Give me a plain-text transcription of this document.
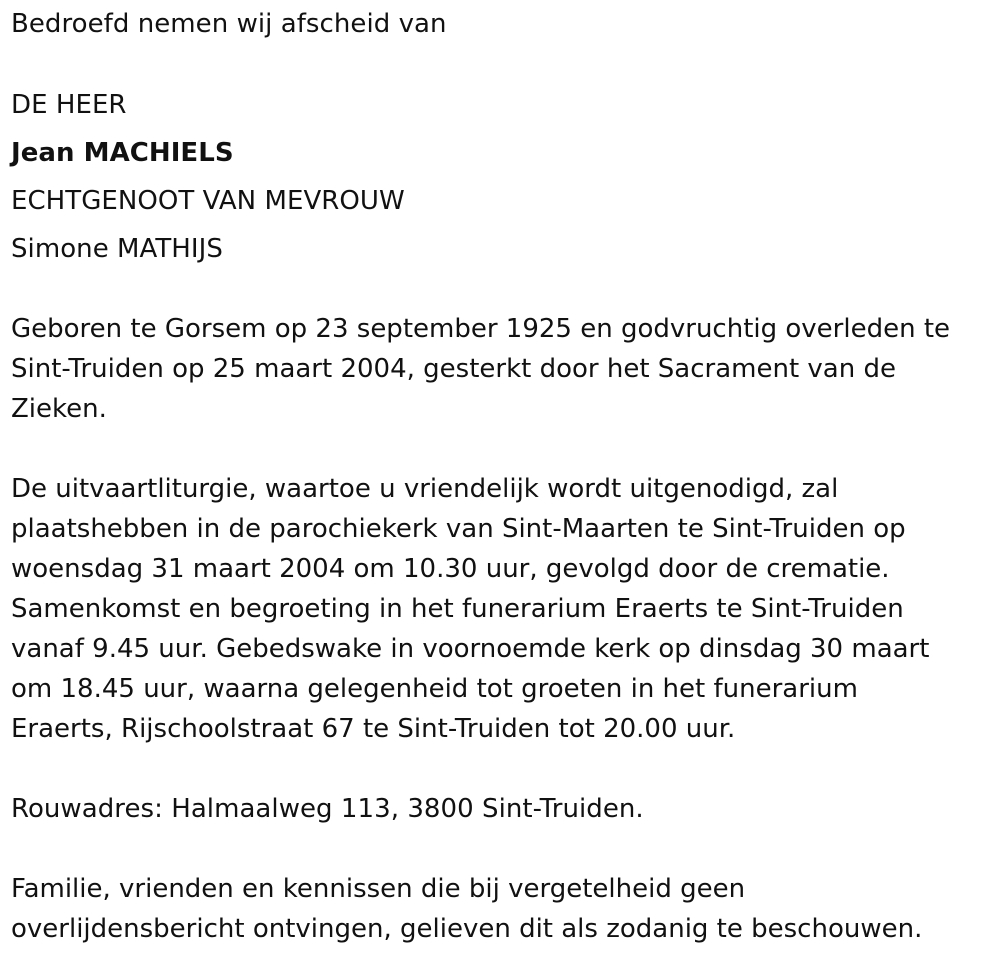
Bedroefd nemen wij afscheid van
DE HEER
Jean MACHIELS
ECHTGENOOT VAN MEVROUW
Simone MATHIJS
Geboren te Gorsem op 23 september 1925 en godvruchtig overleden te
Sint-Truiden op 25 maart 2004, gesterkt door het Sacrament van de
Zieken.
De uitvaartliturgie, waartoe u vriendelijk wordt uitgenodigd, zal
plaatshebben in de parochiekerk van Sint-Maarten te Sint-Truiden op
woensdag 31 maart 2004 om 10.30 uur, gevolgd door de crematie.
Samenkomst en begroeting in het funerarium Eraerts te Sint-Truiden
vanaf 9.45 uur. Gebedswake in voornoemde kerk op dinsdag 30 maart
om 18.45 uur, waarna gelegenheid tot groeten in het funerarium
Eraerts, Rijschoolstraat 67 te Sint-Truiden tot 20.00 uur.
Rouwadres: Halmaalweg 113, 3800 Sint-Truiden.
Familie, vrienden en kennissen die bij vergetelheid geen
overlijdensbericht ontvingen, gelieven dit als zodanig te beschouwen.
